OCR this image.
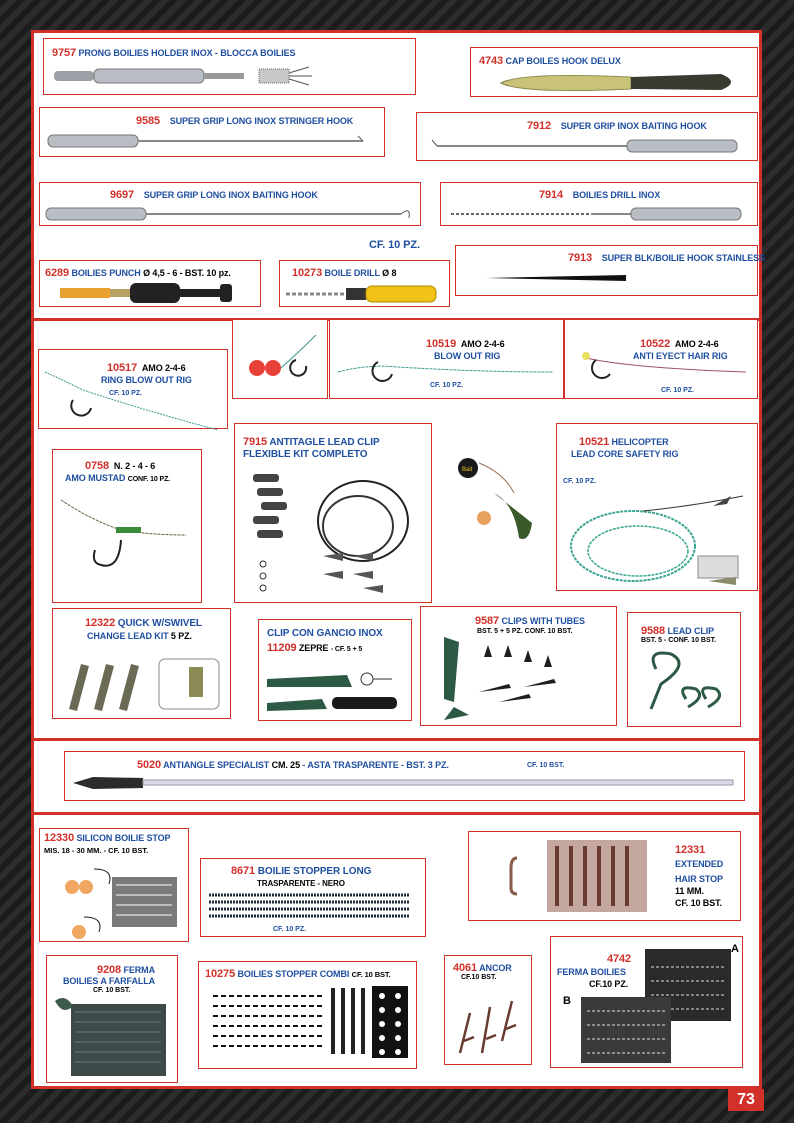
9757 PRONG BOILIES HOLDER INOX - BLOCCA BOILIES
4743 CAP BOILES HOOK DELUX
9585 SUPER GRIP LONG INOX STRINGER HOOK	7912 SUPER GRIP INOX BAITING HOOK
9697 SUPER GRIP LONG INOX BAITING HOOK	7914 BOILIES DRILL INOX
CF. 10 PZ.
6289 BOILIES PUNCH Ø 4,5 - 6 - BST. 10 pz.	10273 BOILE DRILL Ø 8
7913 SUPER BLK/BOILIE HOOK STAINLESS
10517 AMO 2-4-6
RING BLOW OUT RIG
CF. 10 PZ.
10519 AMO 2-4-6
BLOW OUT RIG
CF. 10 PZ.
10522 AMO 2-4-6
ANTI EYECT HAIR RIG
CF. 10 PZ.
0758 N. 2 - 4 - 6
AMO MUSTAD CONF. 10 PZ.
7915 ANTITAGLE LEAD CLIP
FLEXIBLE KIT COMPLETO
Bait
10521 HELICOPTER
LEAD CORE SAFETY RIG
CF. 10 PZ.
12322 QUICK W/SWIVEL
CHANGE LEAD KIT 5 PZ.	CLIP CON GANCIO INOX
11209 ZEPRE - CF. 5 + 5
9587 CLIPS WITH TUBES
BST. 5 + 5 PZ. CONF. 10 BST.	9588 LEAD CLIP
BST. 5 - CONF. 10 BST.
5020 ANTIANGLE SPECIALIST CM. 25 - ASTA TRASPARENTE - BST. 3 PZ.	CF. 10 BST.
12330 SILICON BOILIE STOP
MIS. 18 - 30 MM. - CF. 10 BST.
8671 BOILIE STOPPER LONG
TRASPARENTE - NERO
CF. 10 PZ.
12331
EXTENDED
HAIR STOP
11 MM.
CF. 10 BST.
9208 FERMA
BOILIES A FARFALLA
CF. 10 BST.
10275 BOILIES STOPPER COMBI CF. 10 BST.
4061 ANCOR
CF.10 BST.
4742
FERMA BOILIES
CF.10 PZ.
A
B
73
